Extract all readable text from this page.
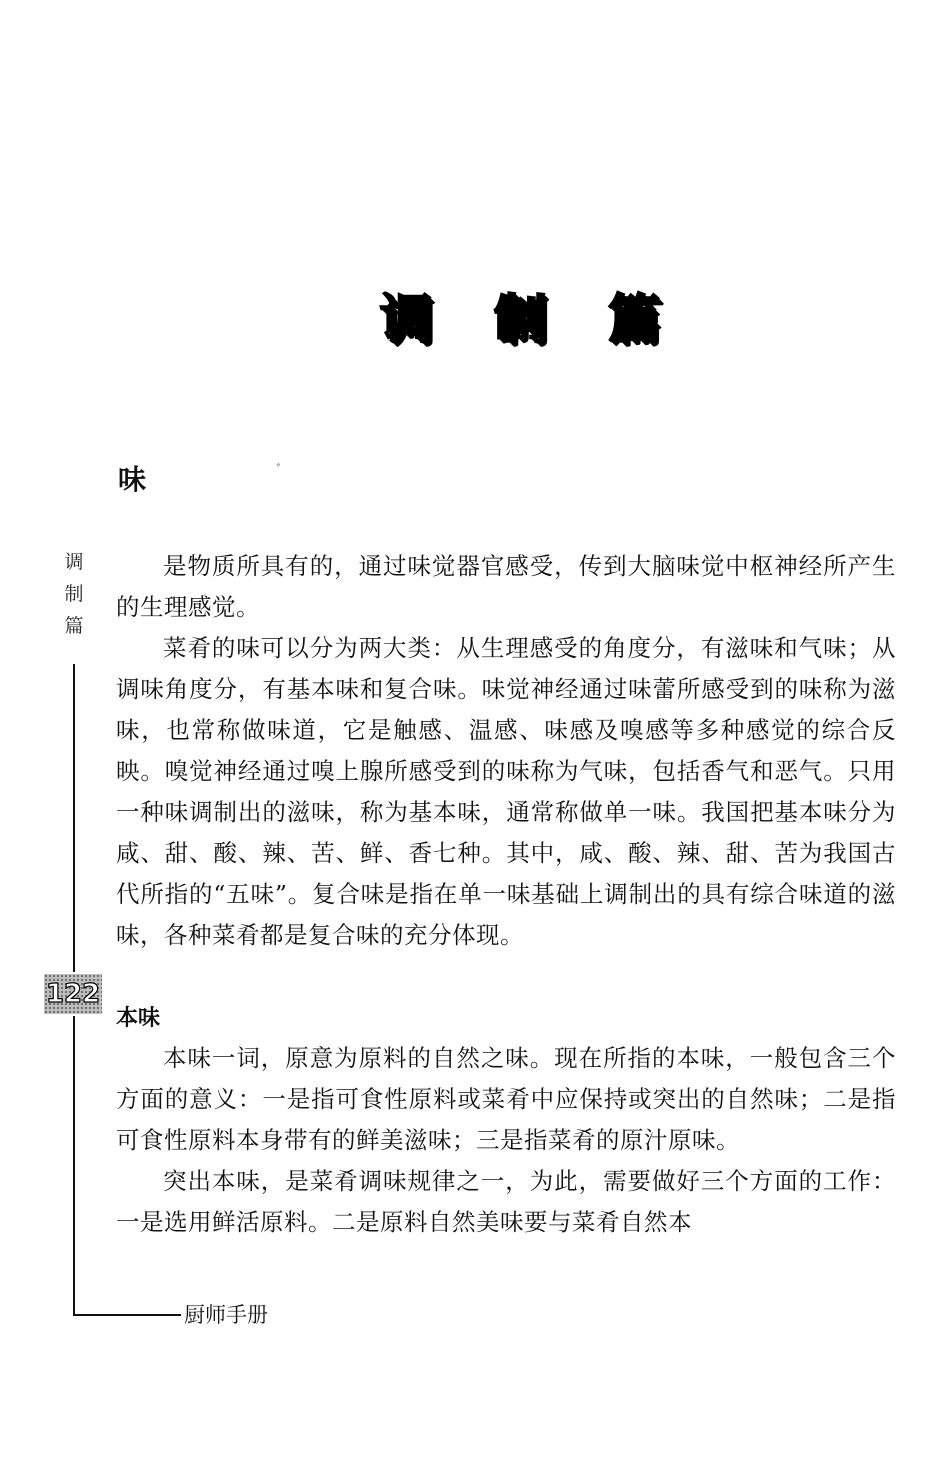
调 制 篇
味	ﾞ
调
制
篇
122
厨师手册

是物质所具有的，通过味觉器官感受，传到大脑味觉中枢神经所产生的生理感觉。

菜肴的味可以分为两大类：从生理感受的角度分，有滋味和气味；从调味角度分，有基本味和复合味。味觉神经通过味蕾所感受到的味称为滋味，也常称做味道，它是触感、温感、味感及嗅感等多种感觉的综合反映。嗅觉神经通过嗅上腺所感受到的味称为气味，包括香气和恶气。只用一种味调制出的滋味，称为基本味，通常称做单一味。我国把基本味分为咸、甜、酸、辣、苦、鲜、香七种。其中，咸、酸、辣、甜、苦为我国古代所指的“五味”。复合味是指在单一味基础上调制出的具有综合味道的滋味，各种菜肴都是复合味的充分体现。

本味

本味一词，原意为原料的自然之味。现在所指的本味，一般包含三个方面的意义：一是指可食性原料或菜肴中应保持或突出的自然味；二是指可食性原料本身带有的鲜美滋味；三是指菜肴的原汁原味。

突出本味，是菜肴调味规律之一，为此，需要做好三个方面的工作：一是选用鲜活原料。二是原料自然美味要与菜肴自然本
